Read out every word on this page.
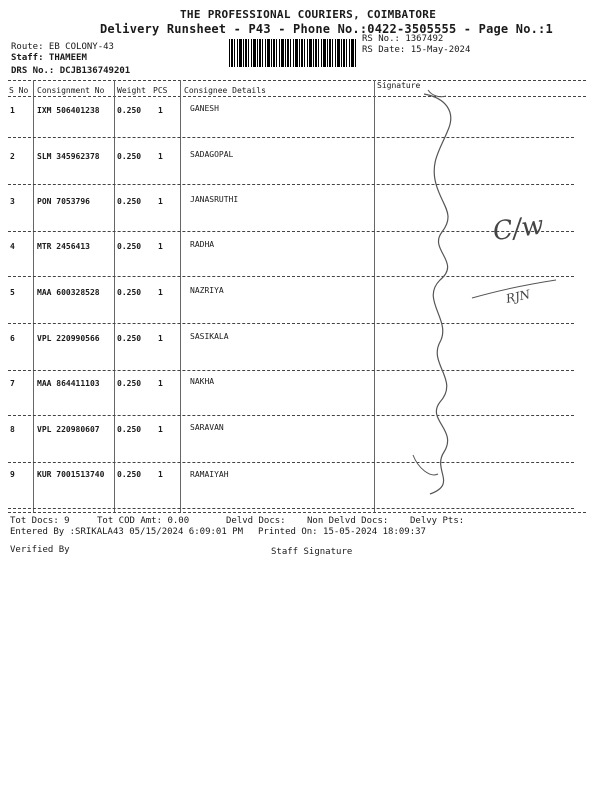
THE PROFESSIONAL COURIERS, COIMBATORE
Delivery Runsheet - P43 - Phone No.:0422-3505555 - Page No.:1
Route: EB COLONY-43
Staff: THAMEEM
DRS No.: DCJB136749201
RS No.: 1367492
RS Date: 15-May-2024
S No Consignment No Weight PCS Consignee Details
Signature
1	IXM 506401238 0.250 1	GANESH
2	SLM 345962378 0.250 1	SADAGOPAL
3	PON 7053796	0.250 1	JANASRUTHI
4	MTR 2456413	0.250 1	RADHA
5	MAA 600328528 0.250 1	NAZRIYA
6	VPL 220990566 0.250 1	SASIKALA
7	MAA 864411103 0.250 1	NAKHA
8	VPL 220980607 0.250 1	SARAVAN
9	KUR 7001513740 0.250 1	RAMAIYAH
C/w
RJN
Tot Docs: 9	Tot COD Amt: 0.00	Delvd Docs: Non Delvd Docs: Delvy Pts:
Entered By :SRIKALA43 05/15/2024 6:09:01 PM Printed On: 15-05-2024 18:09:37
Verified By	Staff Signature
